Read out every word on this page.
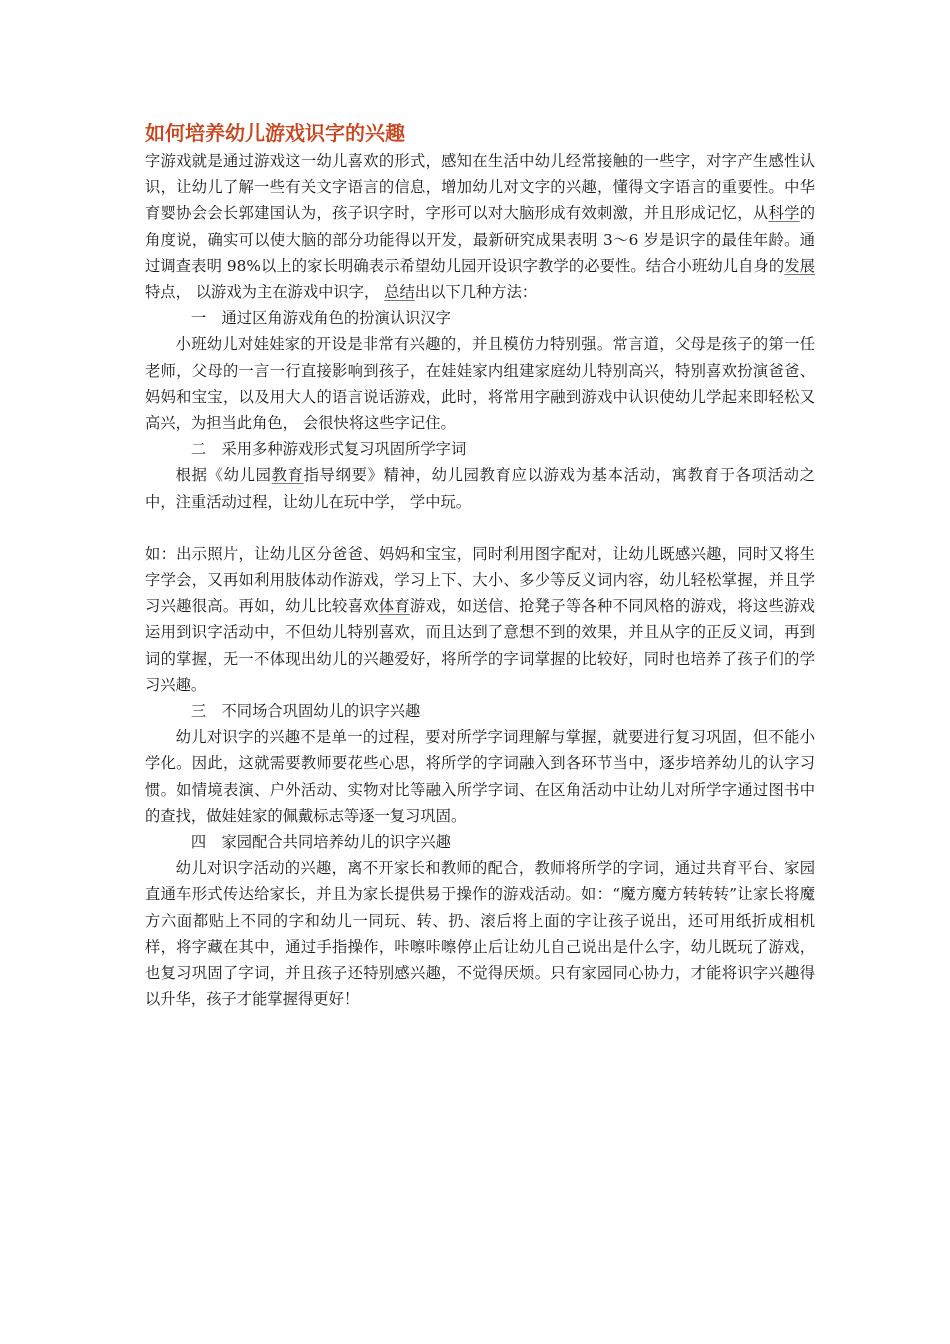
如何培养幼儿游戏识字的兴趣

字游戏就是通过游戏这一幼儿喜欢的形式，感知在生活中幼儿经常接触的一些字，对字产生感性认识，让幼儿了解一些有关文字语言的信息，增加幼儿对文字的兴趣，懂得文字语言的重要性。中华育婴协会会长郭建国认为，孩子识字时，字形可以对大脑形成有效刺激，并且形成记忆，从科学的角度说，确实可以使大脑的部分功能得以开发，最新研究成果表明 3～6 岁是识字的最佳年龄。通过调查表明 98%以上的家长明确表示希望幼儿园开设识字教学的必要性。结合小班幼儿自身的发展特点， 以游戏为主在游戏中识字， 总结出以下几种方法：

一　通过区角游戏角色的扮演认识汉字

小班幼儿对娃娃家的开设是非常有兴趣的，并且模仿力特别强。常言道，父母是孩子的第一任老师，父母的一言一行直接影响到孩子，在娃娃家内组建家庭幼儿特别高兴，特别喜欢扮演爸爸、妈妈和宝宝，以及用大人的语言说话游戏，此时，将常用字融到游戏中认识使幼儿学起来即轻松又高兴，为担当此角色， 会很快将这些字记住。

二　采用多种游戏形式复习巩固所学字词

根据《幼儿园教育指导纲要》精神，幼儿园教育应以游戏为基本活动，寓教育于各项活动之中，注重活动过程，让幼儿在玩中学， 学中玩。

如：出示照片，让幼儿区分爸爸、妈妈和宝宝，同时利用图字配对，让幼儿既感兴趣，同时又将生字学会，又再如利用肢体动作游戏，学习上下、大小、多少等反义词内容，幼儿轻松掌握，并且学习兴趣很高。再如，幼儿比较喜欢体育游戏，如送信、抢凳子等各种不同风格的游戏，将这些游戏运用到识字活动中，不但幼儿特别喜欢，而且达到了意想不到的效果，并且从字的正反义词，再到词的掌握，无一不体现出幼儿的兴趣爱好，将所学的字词掌握的比较好，同时也培养了孩子们的学习兴趣。

三　不同场合巩固幼儿的识字兴趣

幼儿对识字的兴趣不是单一的过程，要对所学字词理解与掌握，就要进行复习巩固，但不能小学化。因此，这就需要教师要花些心思，将所学的字词融入到各环节当中，逐步培养幼儿的认字习惯。如情境表演、户外活动、实物对比等融入所学字词、在区角活动中让幼儿对所学字通过图书中的查找，做娃娃家的佩戴标志等逐一复习巩固。

四　家园配合共同培养幼儿的识字兴趣

幼儿对识字活动的兴趣，离不开家长和教师的配合，教师将所学的字词，通过共育平台、家园直通车形式传达给家长，并且为家长提供易于操作的游戏活动。如：“魔方魔方转转转”让家长将魔方六面都贴上不同的字和幼儿一同玩、转、扔、滚后将上面的字让孩子说出，还可用纸折成相机样，将字藏在其中，通过手指操作，咔嚓咔嚓停止后让幼儿自己说出是什么字，幼儿既玩了游戏，也复习巩固了字词，并且孩子还特别感兴趣，不觉得厌烦。只有家园同心协力，才能将识字兴趣得以升华，孩子才能掌握得更好！
